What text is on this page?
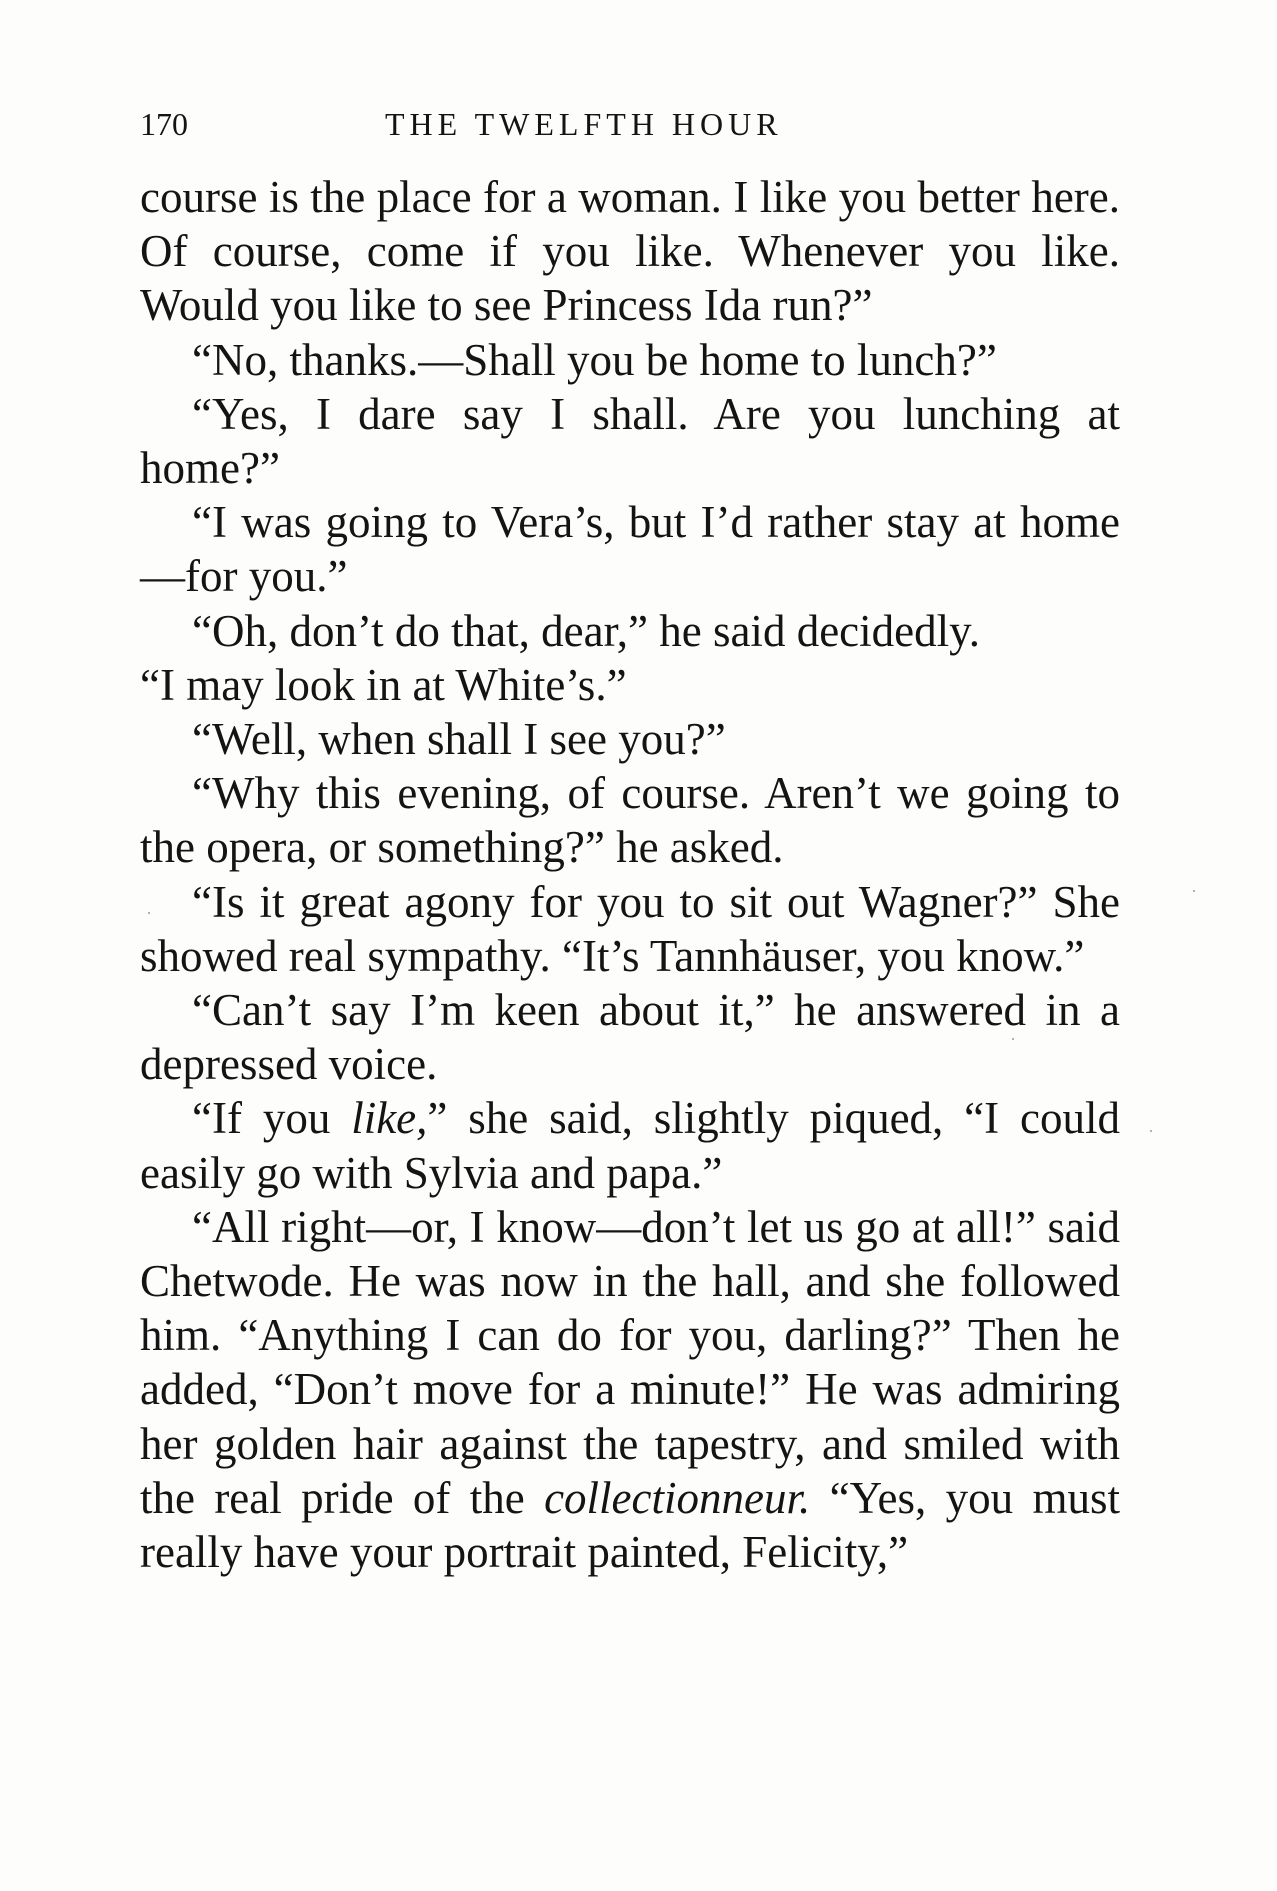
170	THE TWELFTH HOUR

course is the place for a woman. I like you better here. Of course, come if you like. Whenever you like. Would you like to see Princess Ida run?”

“No, thanks.—Shall you be home to lunch?”

“Yes, I dare say I shall. Are you lunching at home?”

“I was going to Vera’s, but I’d rather stay at home—for you.”

“Oh, don’t do that, dear,” he said decidedly.

“I may look in at White’s.”

“Well, when shall I see you?”

“Why this evening, of course. Aren’t we going to the opera, or something?” he asked.

“Is it great agony for you to sit out Wagner?” She showed real sympathy. “It’s Tannhäuser, you know.”

“Can’t say I’m keen about it,” he answered in a depressed voice.

“If you like,” she said, slightly piqued, “I could easily go with Sylvia and papa.”

“All right—or, I know—don’t let us go at all!” said Chetwode. He was now in the hall, and she followed him. “Anything I can do for you, darling?” Then he added, “Don’t move for a minute!” He was admiring her golden hair against the tapestry, and smiled with the real pride of the collectionneur. “Yes, you must really have your portrait painted, Felicity,”
